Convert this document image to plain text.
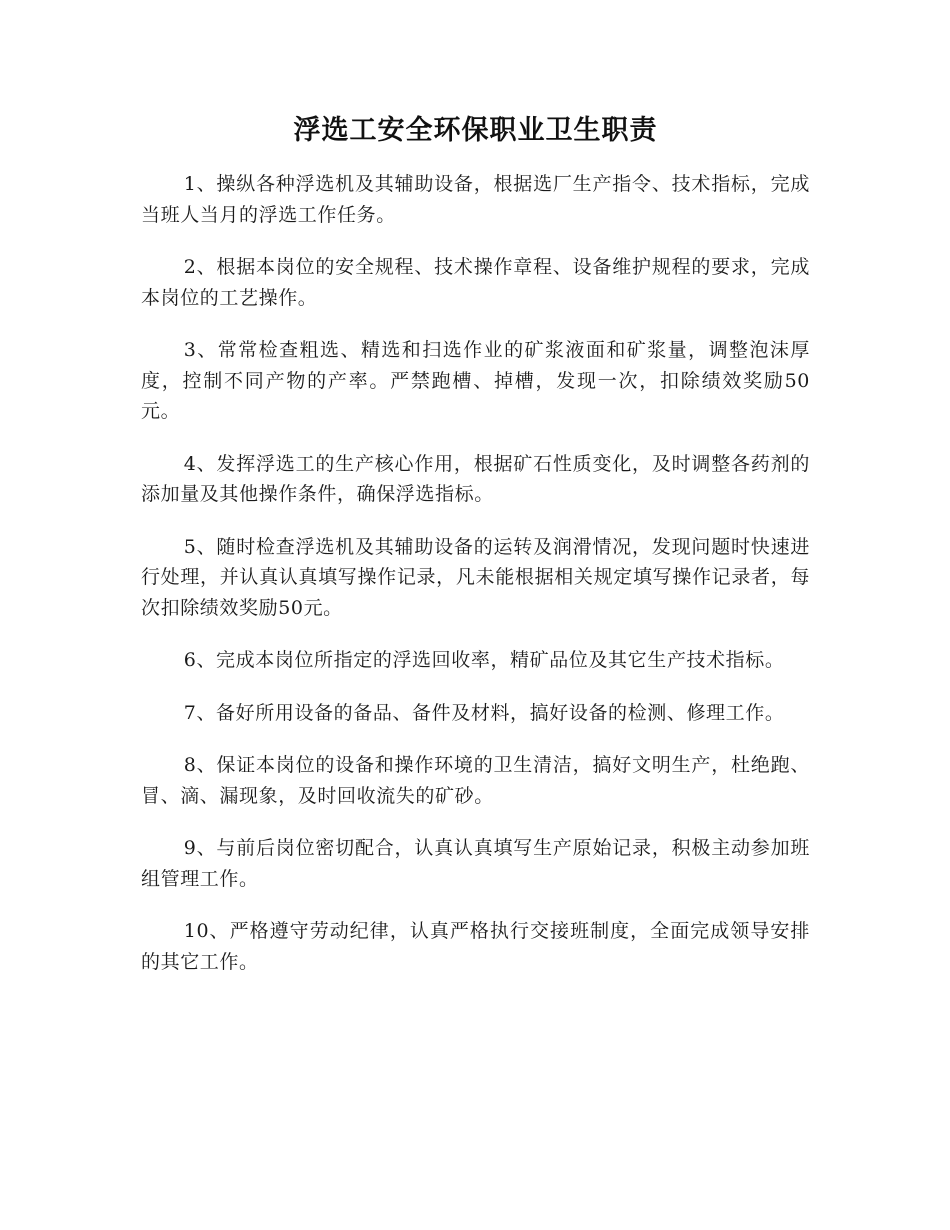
浮选工安全环保职业卫生职责

1、操纵各种浮选机及其辅助设备，根据选厂生产指令、技术指标，完成当班人当月的浮选工作任务。

2、根据本岗位的安全规程、技术操作章程、设备维护规程的要求，完成本岗位的工艺操作。

3、常常检查粗选、精选和扫选作业的矿浆液面和矿浆量，调整泡沫厚度，控制不同产物的产率。严禁跑槽、掉槽，发现一次，扣除绩效奖励50元。

4、发挥浮选工的生产核心作用，根据矿石性质变化，及时调整各药剂的添加量及其他操作条件，确保浮选指标。

5、随时检查浮选机及其辅助设备的运转及润滑情况，发现问题时快速进行处理，并认真认真填写操作记录，凡未能根据相关规定填写操作记录者，每次扣除绩效奖励50元。

6、完成本岗位所指定的浮选回收率，精矿品位及其它生产技术指标。

7、备好所用设备的备品、备件及材料，搞好设备的检测、修理工作。

8、保证本岗位的设备和操作环境的卫生清洁，搞好文明生产，杜绝跑、冒、滴、漏现象，及时回收流失的矿砂。

9、与前后岗位密切配合，认真认真填写生产原始记录，积极主动参加班组管理工作。

10、严格遵守劳动纪律，认真严格执行交接班制度，全面完成领导安排的其它工作。
